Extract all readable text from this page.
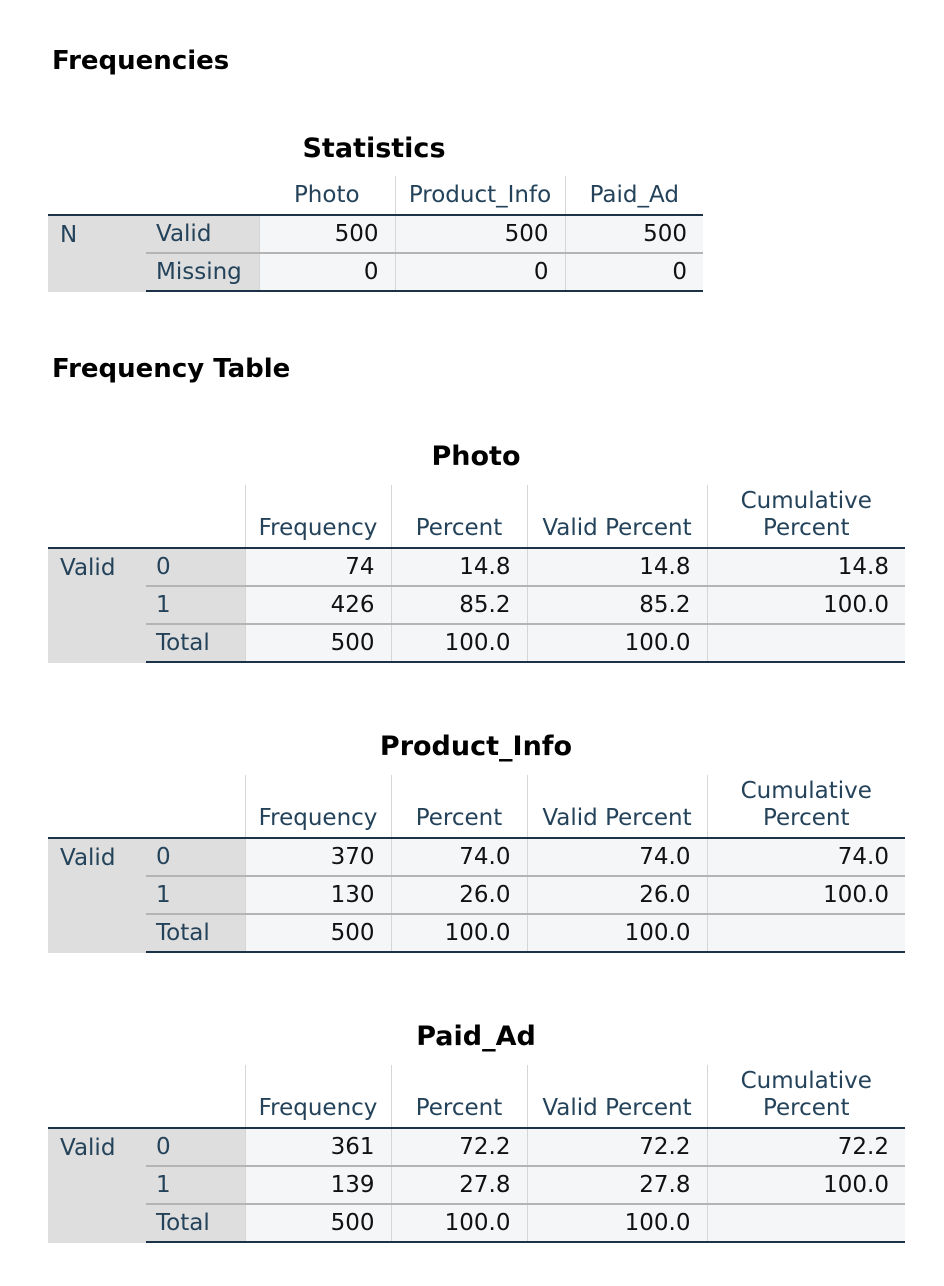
Frequencies
Statistics
		Photo	Product_Info	Paid_Ad
N	Valid	500	500	500
	Missing	0	0	0
Frequency Table
Photo
		Frequency	Percent	Valid Percent	Cumulative
Percent
Valid	0	74	14.8	14.8	14.8
	1	426	85.2	85.2	100.0
	Total	500	100.0	100.0	
Product_Info
		Frequency	Percent	Valid Percent	Cumulative
Percent
Valid	0	370	74.0	74.0	74.0
	1	130	26.0	26.0	100.0
	Total	500	100.0	100.0	
Paid_Ad
		Frequency	Percent	Valid Percent	Cumulative
Percent
Valid	0	361	72.2	72.2	72.2
	1	139	27.8	27.8	100.0
	Total	500	100.0	100.0	
